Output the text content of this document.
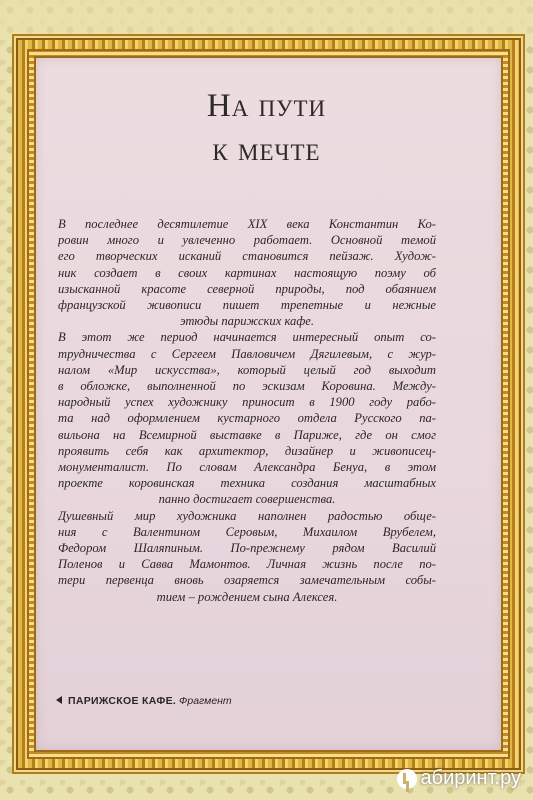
На пути
к мечте
В последнее десятилетие XIX века Константин Ко-
ровин много и увлеченно работает. Основной темой
его творческих исканий становится пейзаж. Худож-
ник создает в своих картинах настоящую поэму об
изысканной красоте северной природы, под обаянием
французской живописи пишет трепетные и нежные
этюды парижских кафе.
В этот же период начинается интересный опыт со-
трудничества с Сергеем Павловичем Дягилевым, с жур-
налом «Мир искусства», который целый год выходит
в обложке, выполненной по эскизам Коровина. Между-
народный успех художнику приносит в 1900 году рабо-
та над оформлением кустарного отдела Русского па-
вильона на Всемирной выставке в Париже, где он смог
проявить себя как архитектор, дизайнер и живописец-
монументалист. По словам Александра Бенуа, в этом
проекте коровинская техника создания масштабных
панно достигает совершенства.
Душевный мир художника наполнен радостью обще-
ния с Валентином Серовым, Михаилом Врубелем,
Федором Шаляпиным. По-прежнему рядом Василий
Поленов и Савва Мамонтов. Личная жизнь после по-
тери первенца вновь озаряется замечательным собы-
тием – рождением сына Алексея.
ПАРИЖСКОЕ КАФЕ. Фрагмент
абиринт.ру
